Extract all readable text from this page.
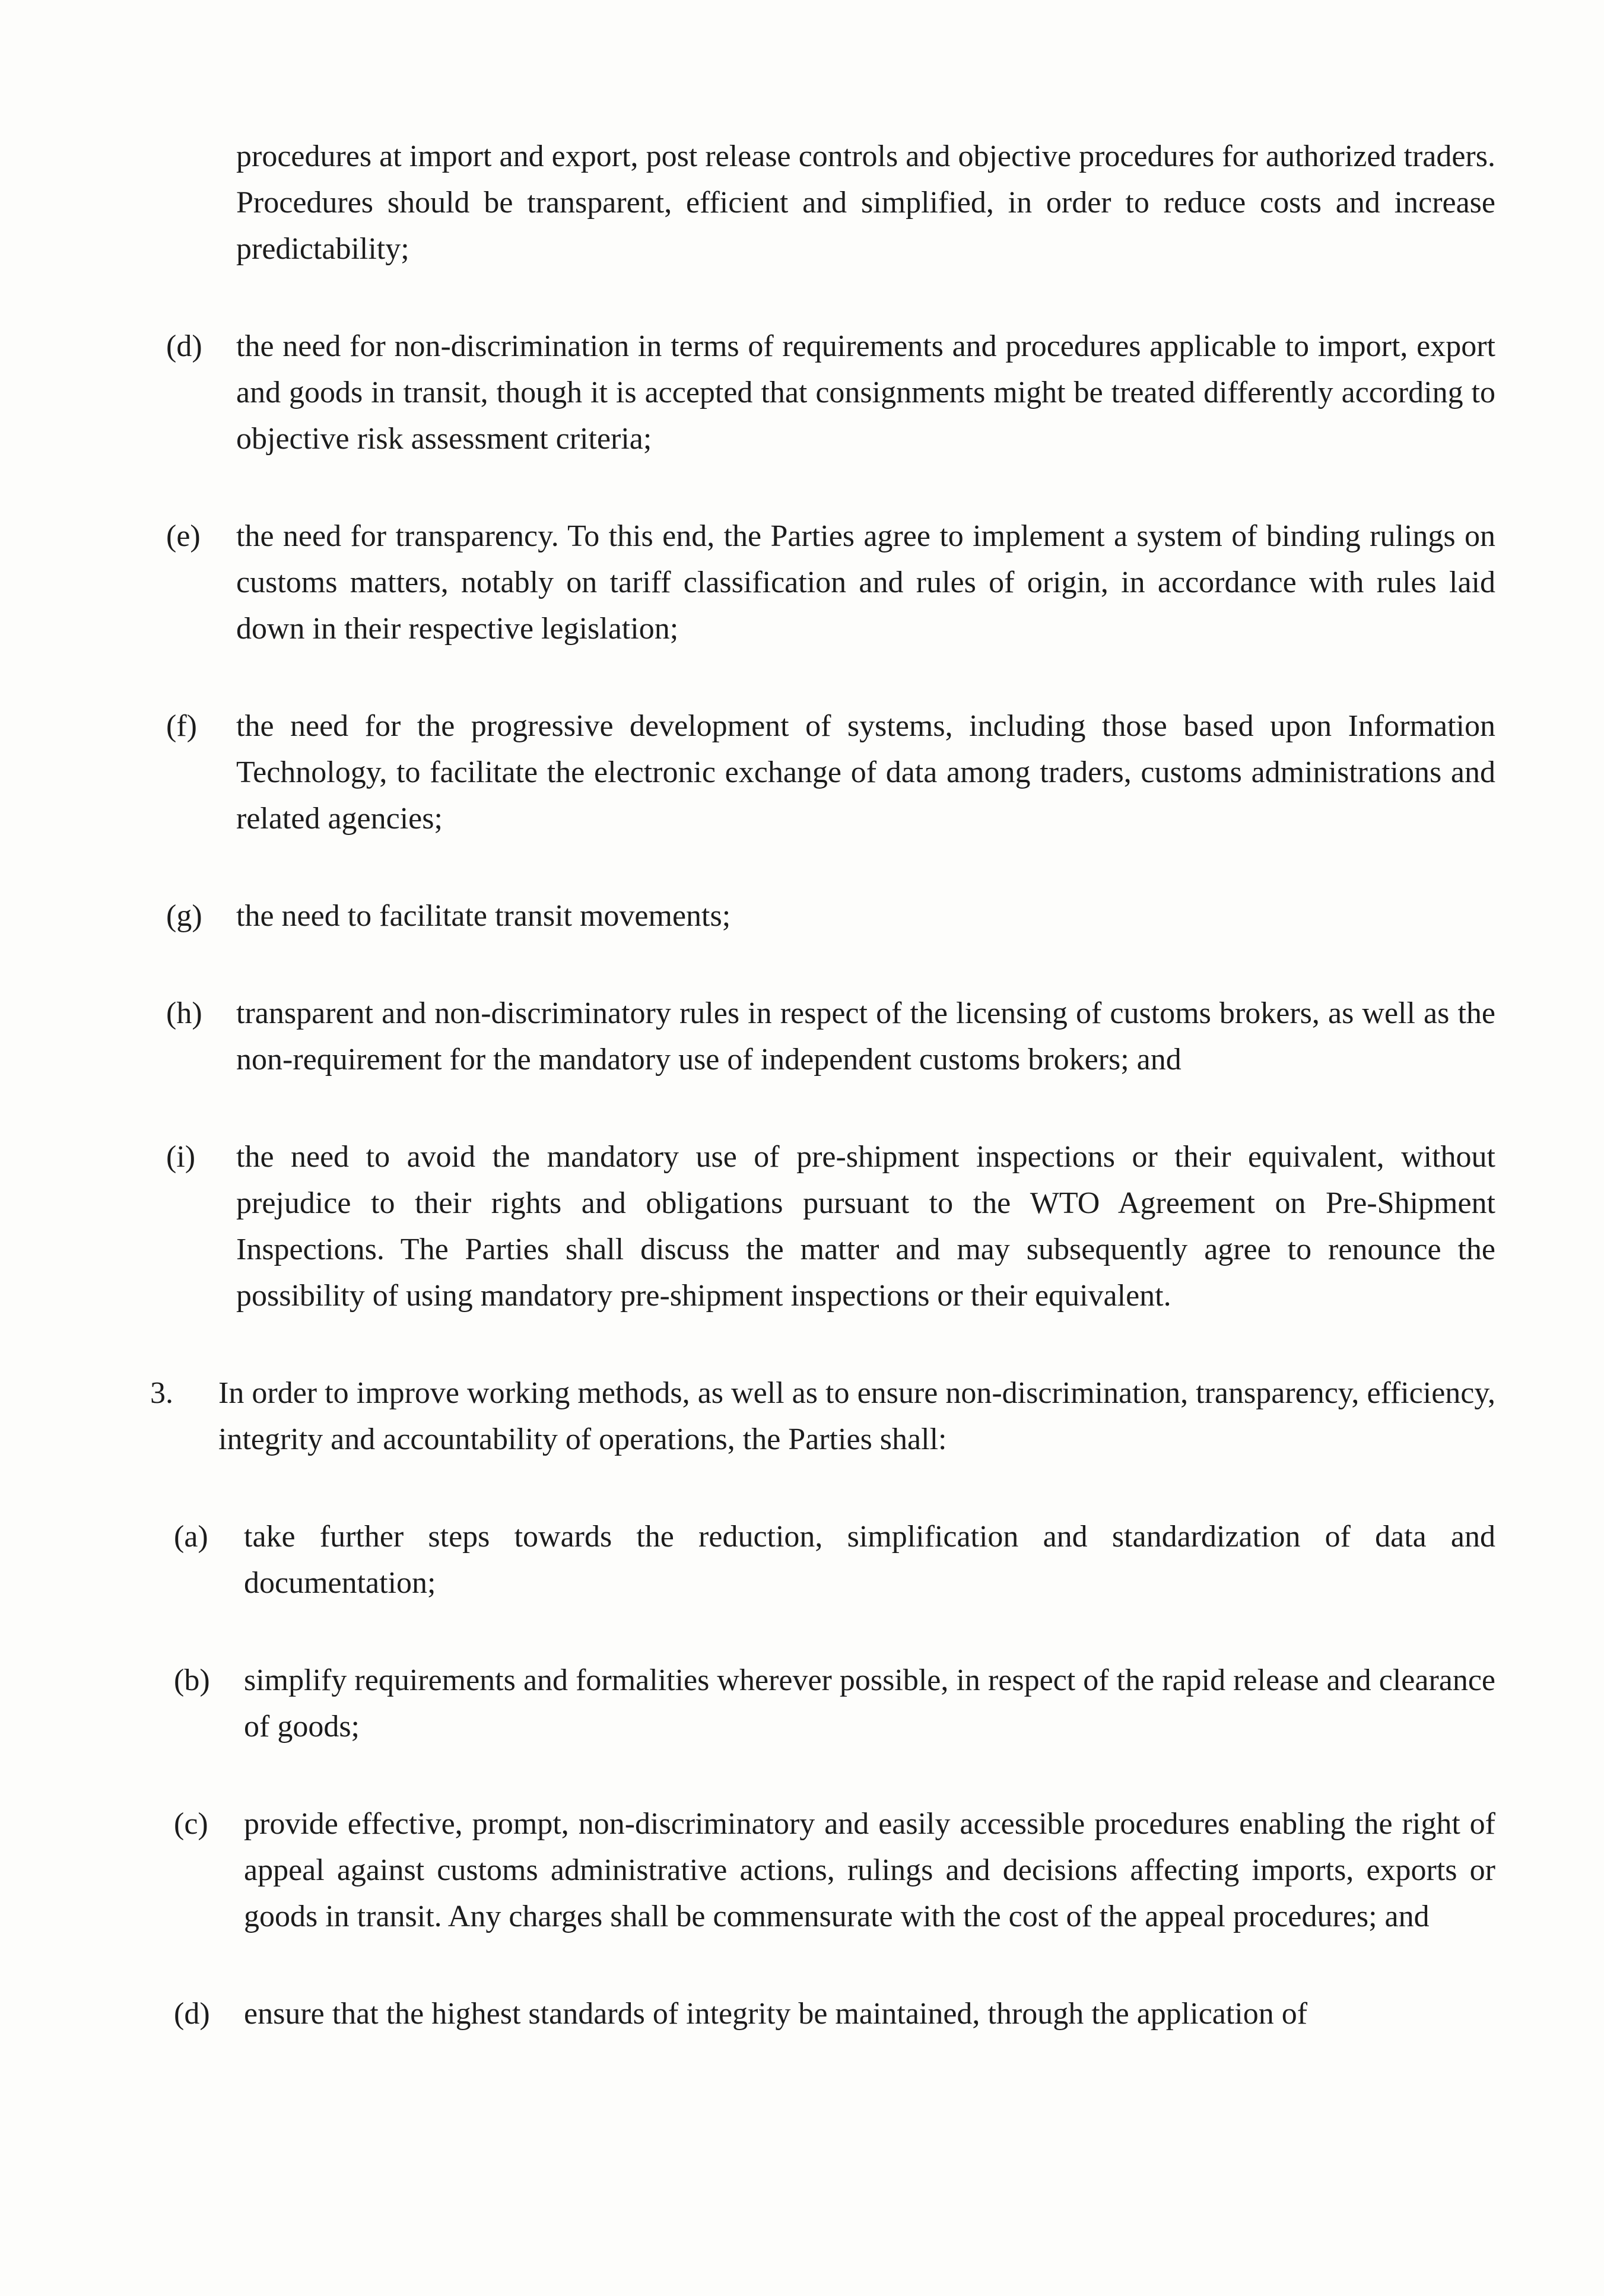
procedures at import and export, post release controls and objective procedures for authorized traders. Procedures should be transparent, efficient and simplified, in order to reduce costs and increase predictability;

(d)	the need for non-discrimination in terms of requirements and procedures applicable to import, export and goods in transit, though it is accepted that consignments might be treated differently according to objective risk assessment criteria;

(e)	the need for transparency. To this end, the Parties agree to implement a system of binding rulings on customs matters, notably on tariff classification and rules of origin, in accordance with rules laid down in their respective legislation;

(f)	the need for the progressive development of systems, including those based upon Information Technology, to facilitate the electronic exchange of data among traders, customs administrations and related agencies;

(g)	the need to facilitate transit movements;

(h)	transparent and non-discriminatory rules in respect of the licensing of customs brokers, as well as the non-requirement for the mandatory use of independent customs brokers; and

(i)	the need to avoid the mandatory use of pre-shipment inspections or their equivalent, without prejudice to their rights and obligations pursuant to the WTO Agreement on Pre-Shipment Inspections. The Parties shall discuss the matter and may subsequently agree to renounce the possibility of using mandatory pre-shipment inspections or their equivalent.

3.	In order to improve working methods, as well as to ensure non-discrimination, transparency, efficiency, integrity and accountability of operations, the Parties shall:

(a)	take further steps towards the reduction, simplification and standardization of data and documentation;

(b)	simplify requirements and formalities wherever possible, in respect of the rapid release and clearance of goods;

(c)	provide effective, prompt, non-discriminatory and easily accessible procedures enabling the right of appeal against customs administrative actions, rulings and decisions affecting imports, exports or goods in transit. Any charges shall be commensurate with the cost of the appeal procedures; and

(d)	ensure that the highest standards of integrity be maintained, through the application of
